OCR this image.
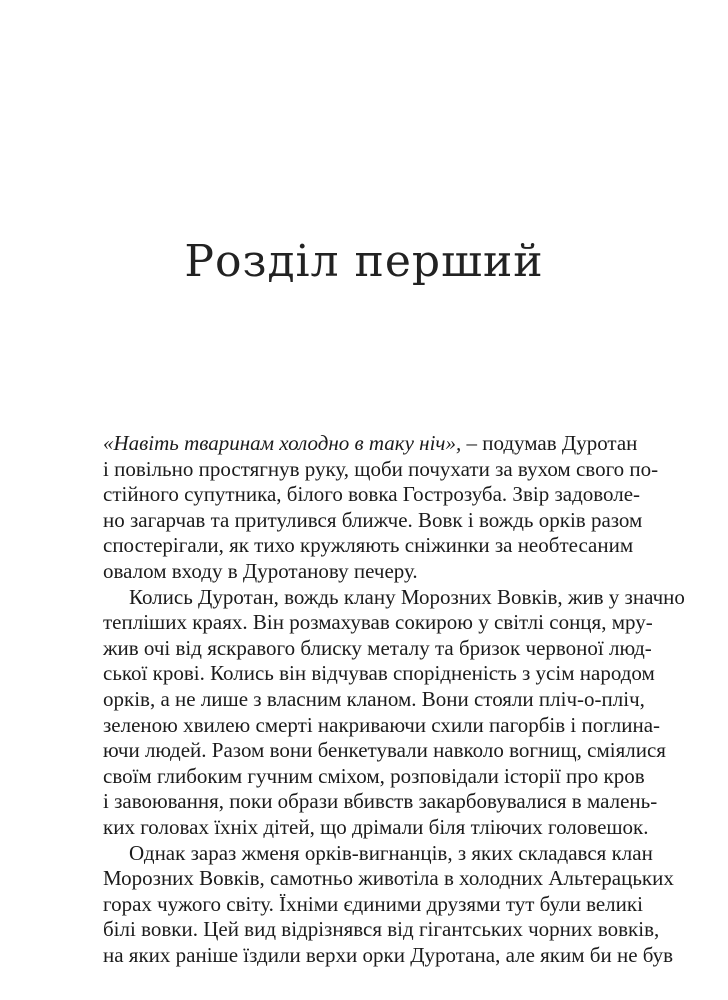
Розділ перший
«Навіть тваринам холодно в таку ніч», – подумав Дуротан
і повільно простягнув руку, щоби почухати за вухом свого по-
стійного супутника, білого вовка Гострозуба. Звір задоволе-
но загарчав та притулився ближче. Вовк і вождь орків разом
спостерігали, як тихо кружляють сніжинки за необтесаним
овалом входу в Дуротанову печеру.
Колись Дуротан, вождь клану Морозних Вовків, жив у значно
тепліших краях. Він розмахував сокирою у світлі сонця, мру-
жив очі від яскравого блиску металу та бризок червоної люд-
ської крові. Колись він відчував спорідненість з усім народом
орків, а не лише з власним кланом. Вони стояли пліч-о-пліч,
зеленою хвилею смерті накриваючи схили пагорбів і поглина-
ючи людей. Разом вони бенкетували навколо вогнищ, сміялися
своїм глибоким гучним сміхом, розповідали історії про кров
і завоювання, поки образи вбивств закарбовувалися в малень-
ких головах їхніх дітей, що дрімали біля тліючих головешок.
Однак зараз жменя орків-вигнанців, з яких складався клан
Морозних Вовків, самотньо животіла в холодних Альтерацьких
горах чужого світу. Їхніми єдиними друзями тут були великі
білі вовки. Цей вид відрізнявся від гігантських чорних вовків,
на яких раніше їздили верхи орки Дуротана, але яким би не був
